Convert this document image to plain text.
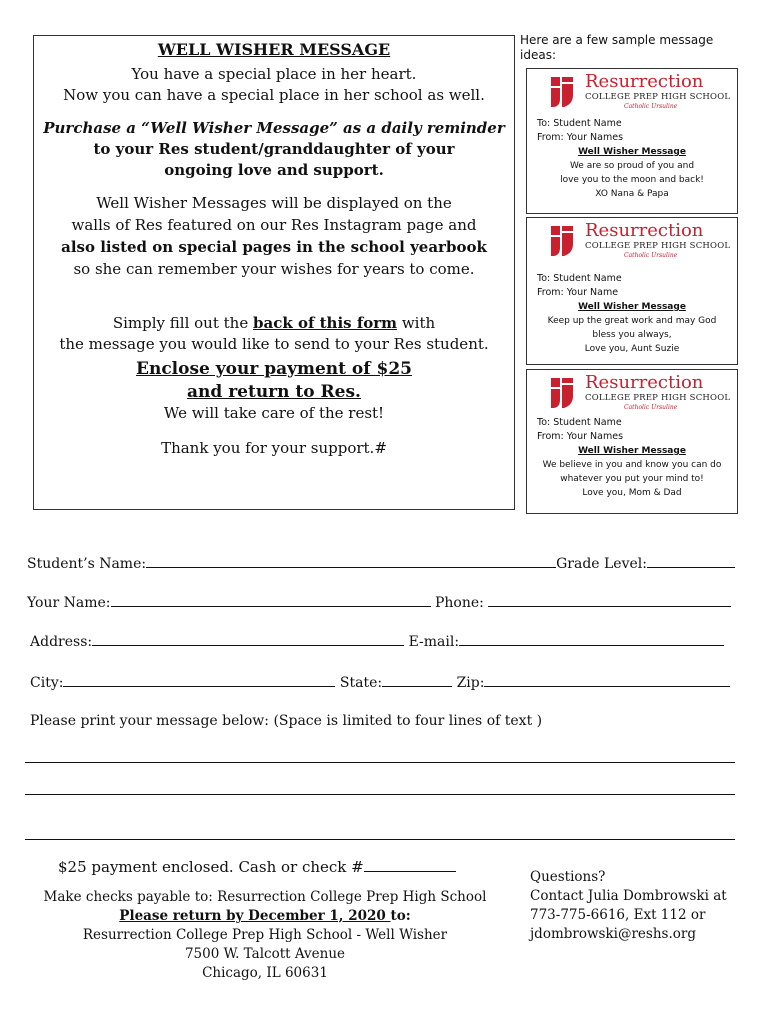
WELL WISHER MESSAGE
You have a special place in her heart.
Now you can have a special place in her school as well.
Purchase a “Well Wisher Message” as a daily reminder
to your Res student/granddaughter of your
ongoing love and support.
Well Wisher Messages will be displayed on the
walls of Res featured on our Res Instagram page and
also listed on special pages in the school yearbook
so she can remember your wishes for years to come.
Simply fill out the back of this form with
the message you would like to send to your Res student.
Enclose your payment of $25
and return to Res.
We will take care of the rest!
Thank you for your support.#
Here are a few sample message ideas:
Resurrection
COLLEGE PREP HIGH SCHOOL
Catholic Ursuline
To: Student Name
From: Your Names
Well Wisher Message
We are so proud of you and
love you to the moon and back!
XO Nana & Papa
Resurrection
COLLEGE PREP HIGH SCHOOL
Catholic Ursuline
To: Student Name
From: Your Name
Well Wisher Message
Keep up the great work and may God
bless you always,
Love you, Aunt Suzie
Resurrection
COLLEGE PREP HIGH SCHOOL
Catholic Ursuline
To: Student Name
From: Your Names
Well Wisher Message
We believe in you and know you can do
whatever you put your mind to!
Love you, Mom & Dad
Student’s Name:	Grade Level:
Your Name:	Phone:
Address:	E-mail:
City:	State:	Zip:
Please print your message below: (Space is limited to four lines of text )
$25 payment enclosed. Cash or check #
Make checks payable to: Resurrection College Prep High School
Please return by December 1, 2020 to:
Resurrection College Prep High School - Well Wisher
7500 W. Talcott Avenue
Chicago, IL 60631
Questions?
Contact Julia Dombrowski at
773-775-6616, Ext 112 or
jdombrowski@reshs.org
